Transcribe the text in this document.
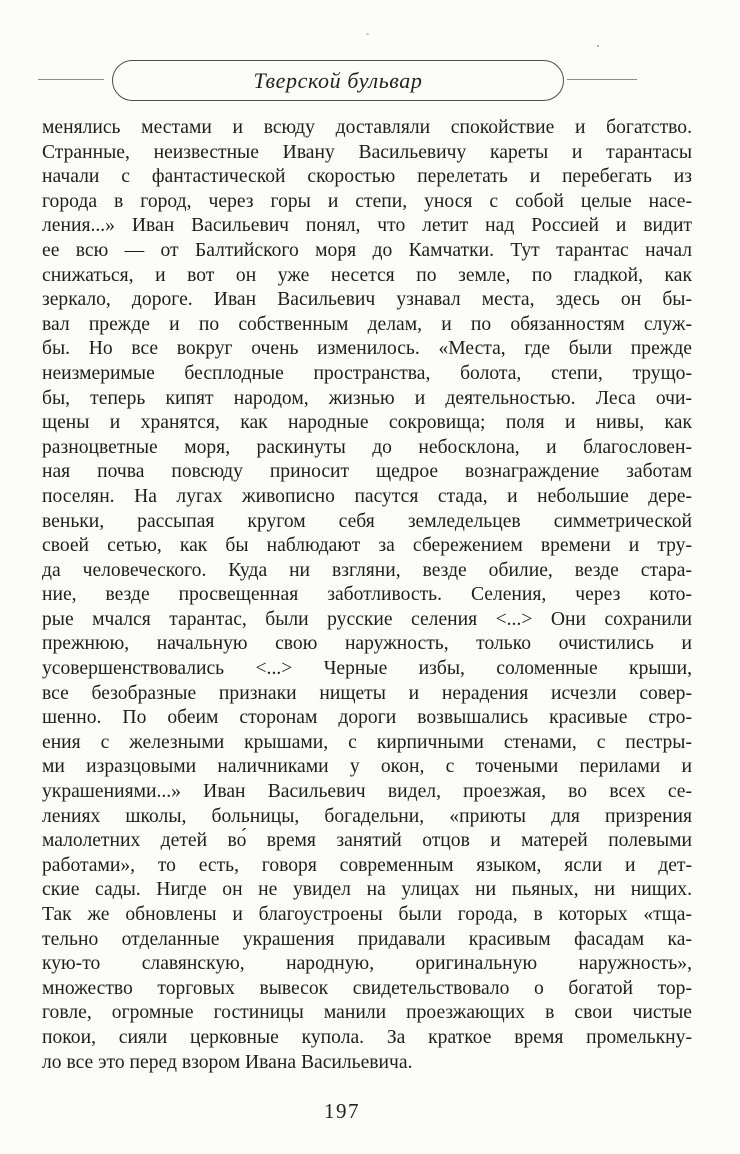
Тверской бульвар
менялись местами и всюду доставляли спокойствие и богатство.
Странные, неизвестные Ивану Васильевичу кареты и тарантасы
начали с фантастической скоростью перелетать и перебегать из
города в город, через горы и степи, унося с собой целые насе-
ления...» Иван Васильевич понял, что летит над Россией и видит
ее всю — от Балтийского моря до Камчатки. Тут тарантас начал
снижаться, и вот он уже несется по земле, по гладкой, как
зеркало, дороге. Иван Васильевич узнавал места, здесь он бы-
вал прежде и по собственным делам, и по обязанностям служ-
бы. Но все вокруг очень изменилось. «Места, где были прежде
неизмеримые бесплодные пространства, болота, степи, трущо-
бы, теперь кипят народом, жизнью и деятельностью. Леса очи-
щены и хранятся, как народные сокровища; поля и нивы, как
разноцветные моря, раскинуты до небосклона, и благословен-
ная почва повсюду приносит щедрое вознаграждение заботам
поселян. На лугах живописно пасутся стада, и небольшие дере-
веньки, рассыпая кругом себя земледельцев симметрической
своей сетью, как бы наблюдают за сбережением времени и тру-
да человеческого. Куда ни взгляни, везде обилие, везде стара-
ние, везде просвещенная заботливость. Селения, через кото-
рые мчался тарантас, были русские селения <...> Они сохранили
прежнюю, начальную свою наружность, только очистились и
усовершенствовались <...> Черные избы, соломенные крыши,
все безобразные признаки нищеты и нерадения исчезли совер-
шенно. По обеим сторонам дороги возвышались красивые стро-
ения с железными крышами, с кирпичными стенами, с пестры-
ми изразцовыми наличниками у окон, с точеными перилами и
украшениями...» Иван Васильевич видел, проезжая, во всех се-
лениях школы, больницы, богадельни, «приюты для призрения
малолетних детей во́ время занятий отцов и матерей полевыми
работами», то есть, говоря современным языком, ясли и дет-
ские сады. Нигде он не увидел на улицах ни пьяных, ни нищих.
Так же обновлены и благоустроены были города, в которых «тща-
тельно отделанные украшения придавали красивым фасадам ка-
кую-то славянскую, народную, оригинальную наружность»,
множество торговых вывесок свидетельствовало о богатой тор-
говле, огромные гостиницы манили проезжающих в свои чистые
покои, сияли церковные купола. За краткое время промелькну-
ло все это перед взором Ивана Васильевича.
197
